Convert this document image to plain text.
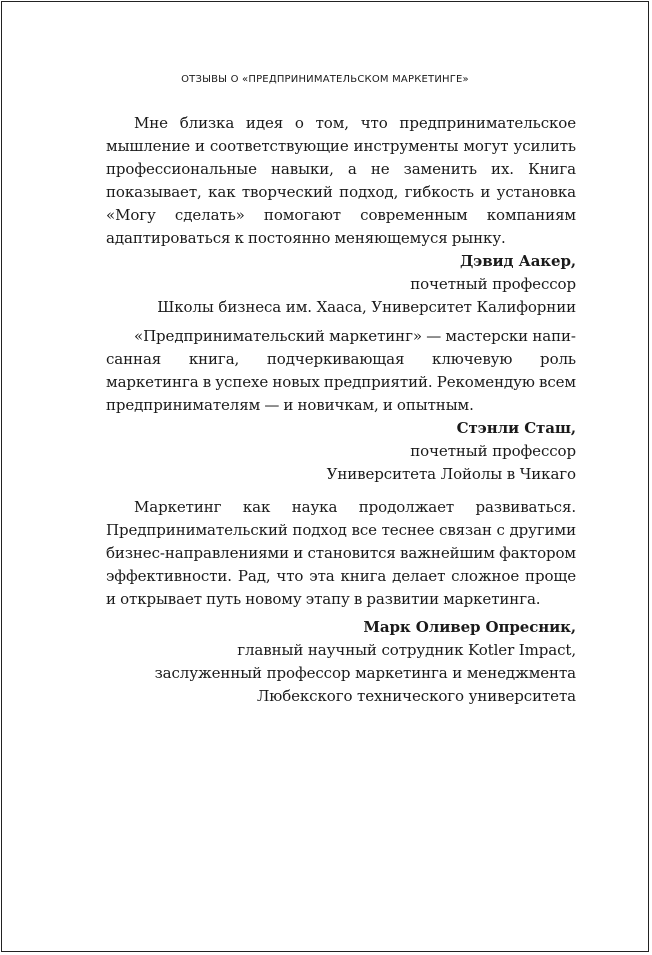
ОТЗЫВЫ О «ПРЕДПРИНИМАТЕЛЬСКОМ МАРКЕТИНГЕ»

Мне близка идея о том, что предпринимательское мышление и соответствующие инструменты могут усилить профессиональные навыки, а не заменить их. Книга показывает, как творческий подход, гибкость и установка «Могу сделать» помогают современным компаниям адаптироваться к постоянно меняющемуся рынку.

Дэвид Аакер,
почетный профессор
Школы бизнеса им. Хааса, Университет Калифорнии

«Предпринимательский маркетинг» — мастерски написанная книга, подчеркивающая ключевую роль маркетинга в успехе новых предприятий. Рекомендую всем предпринимателям — и новичкам, и опытным.

Стэнли Сташ,
почетный профессор
Университета Лойолы в Чикаго

Маркетинг как наука продолжает развиваться. Предпринимательский подход все теснее связан с другими бизнес-направлениями и становится важнейшим фактором эффективности. Рад, что эта книга делает сложное проще и открывает путь новому этапу в развитии маркетинга.

Марк Оливер Опресник,
главный научный сотрудник Kotler Impact,
заслуженный профессор маркетинга и менеджмента
Любекского технического университета
